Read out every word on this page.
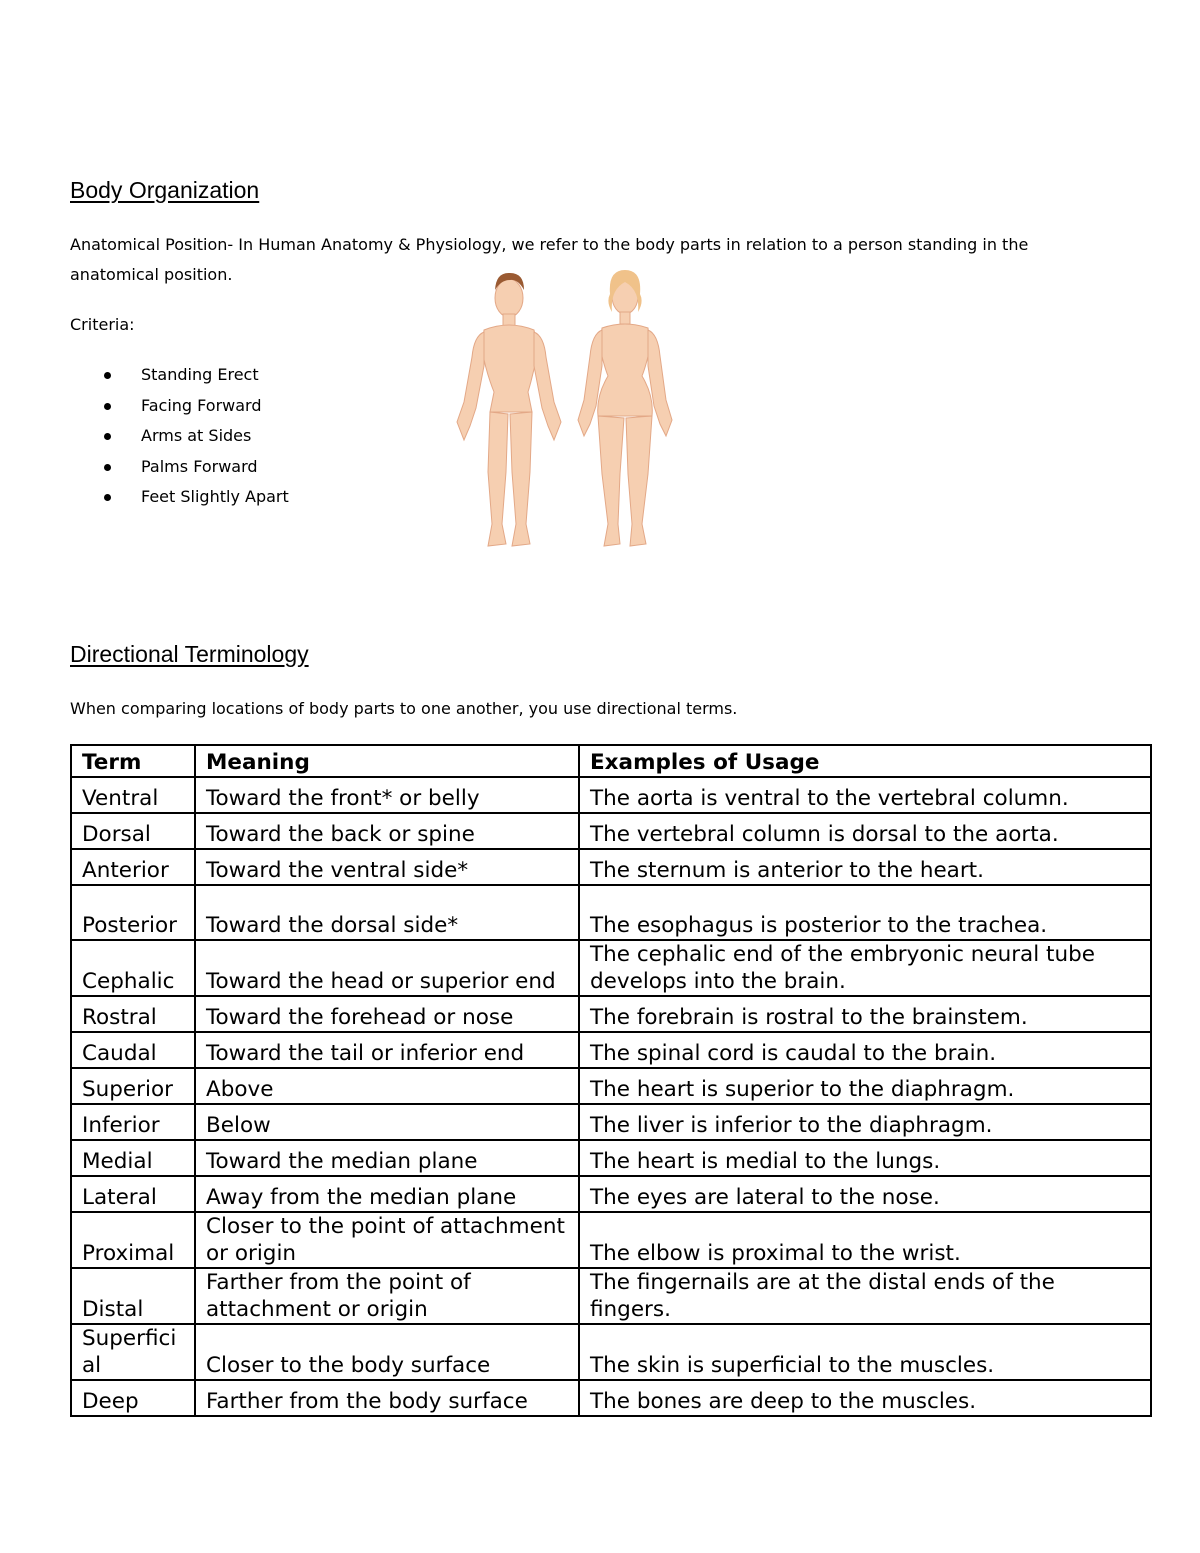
Body Organization

Anatomical Position- In Human Anatomy & Physiology, we refer to the body parts in relation to a person standing in the
anatomical position.

Criteria:

Standing Erect
Facing Forward
Arms at Sides
Palms Forward
Feet Slightly Apart
Directional Terminology

When comparing locations of body parts to one another, you use directional terms.

Term	Meaning	Examples of Usage
Ventral	Toward the front* or belly	The aorta is ventral to the vertebral column.
Dorsal	Toward the back or spine	The vertebral column is dorsal to the aorta.
Anterior	Toward the ventral side*	The sternum is anterior to the heart.
Posterior	Toward the dorsal side*	The esophagus is posterior to the trachea.
Cephalic	Toward the head or superior end	The cephalic end of the embryonic neural tube develops into the brain.
Rostral	Toward the forehead or nose	The forebrain is rostral to the brainstem.
Caudal	Toward the tail or inferior end	The spinal cord is caudal to the brain.
Superior	Above	The heart is superior to the diaphragm.
Inferior	Below	The liver is inferior to the diaphragm.
Medial	Toward the median plane	The heart is medial to the lungs.
Lateral	Away from the median plane	The eyes are lateral to the nose.
Proximal	Closer to the point of attachment or origin	The elbow is proximal to the wrist.
Distal	Farther from the point of attachment or origin	The fingernails are at the distal ends of the fingers.
Superficial	Closer to the body surface	The skin is superficial to the muscles.
Deep	Farther from the body surface	The bones are deep to the muscles.
